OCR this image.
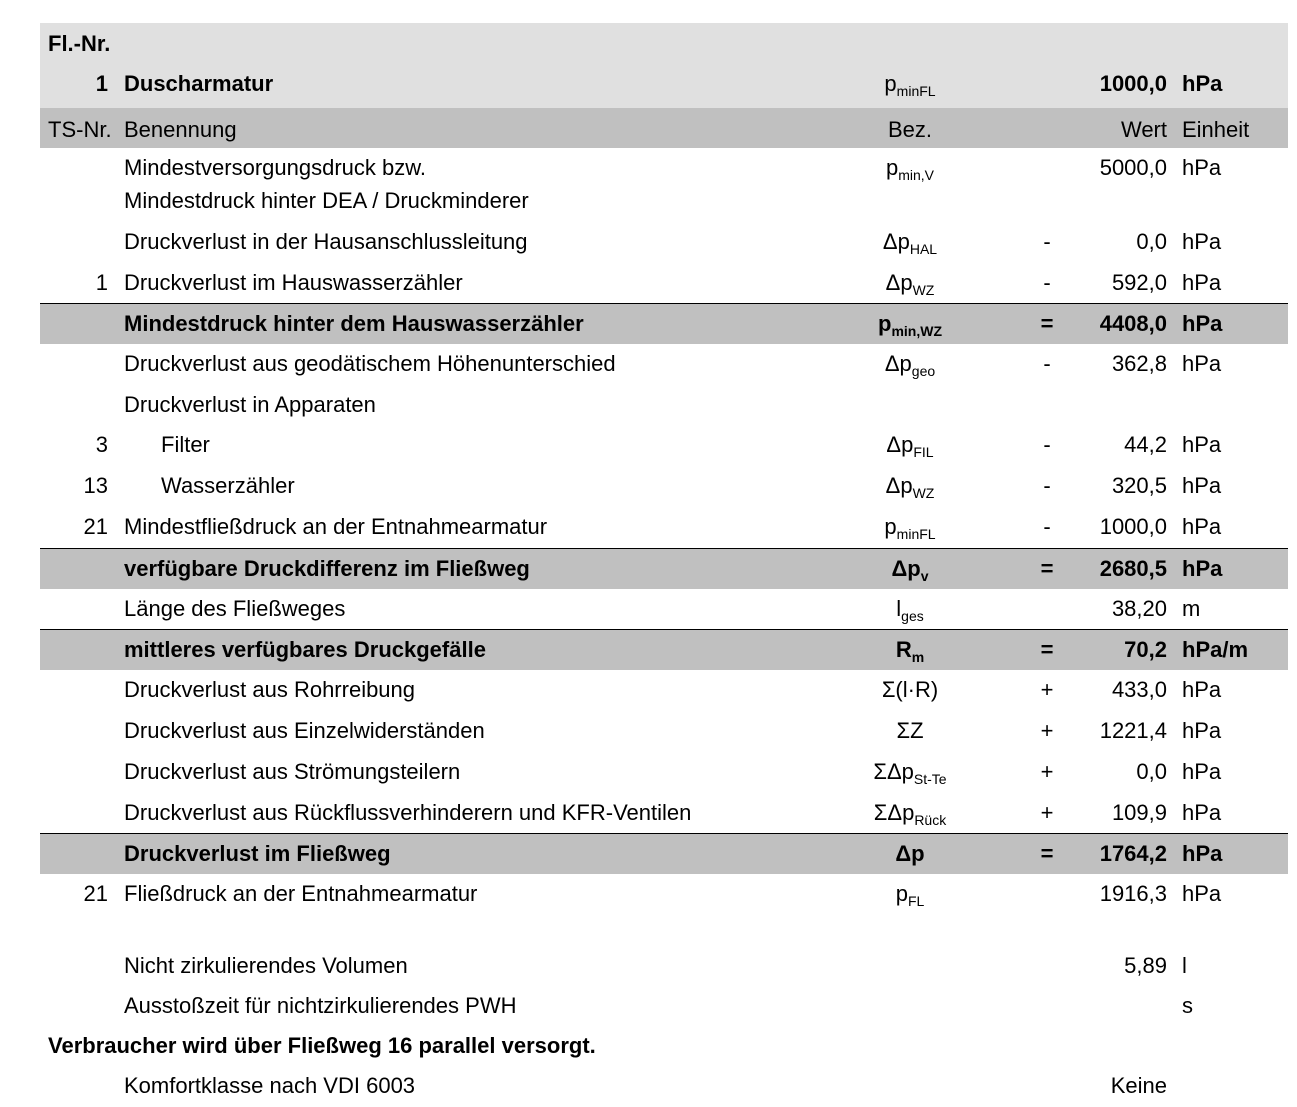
Fl.-Nr.
1 Duscharmatur	$p_{minFL}$	1000,0 hPa
TS-Nr. Benennung	Bez.	Wert Einheit
Mindestversorgungsdruck bzw.
Mindestdruck hinter DEA / Druckminderer
$p_{min,V}$	5000,0 hPa
Druckverlust in der Hausanschlussleitung	$\Delta p_{HAL}$	-	0,0 hPa
1 Druckverlust im Hauswasserzähler	$\Delta p_{WZ}$	-	592,0 hPa
Mindestdruck hinter dem Hauswasserzähler	$p_{min,WZ}$	=	4408,0 hPa
Druckverlust aus geodätischem Höhenunterschied	$\Delta p_{geo}$	-	362,8 hPa
Druckverlust in Apparaten
3 Filter	$\Delta p_{FIL}$	-	44,2 hPa
13 Wasserzähler	$\Delta p_{WZ}$	-	320,5 hPa
21 Mindestfließdruck an der Entnahmearmatur	$p_{minFL}$	-	1000,0 hPa
verfügbare Druckdifferenz im Fließweg	$\Delta p_v$	=	2680,5 hPa
Länge des Fließweges	$l_{ges}$	38,20 m
mittleres verfügbares Druckgefälle	$R_m$	=	70,2 hPa/m
Druckverlust aus Rohrreibung	Σ(l·R)	+	433,0 hPa
Druckverlust aus Einzelwiderständen	ΣZ	+	1221,4 hPa
Druckverlust aus Strömungsteilern	ΣΔp$_{St-Te}$	+	0,0 hPa
Druckverlust aus Rückflussverhinderern und KFR-Ventilen	ΣΔp$_{Rück}$	+	109,9 hPa
Druckverlust im Fließweg	Δp	=	1764,2 hPa
21 Fließdruck an der Entnahmearmatur	$p_{FL}$	1916,3 hPa
Nicht zirkulierendes Volumen	5,89 l
Ausstoßzeit für nichtzirkulierendes PWH	s
Verbraucher wird über Fließweg 16 parallel versorgt.
Komfortklasse nach VDI 6003	Keine
